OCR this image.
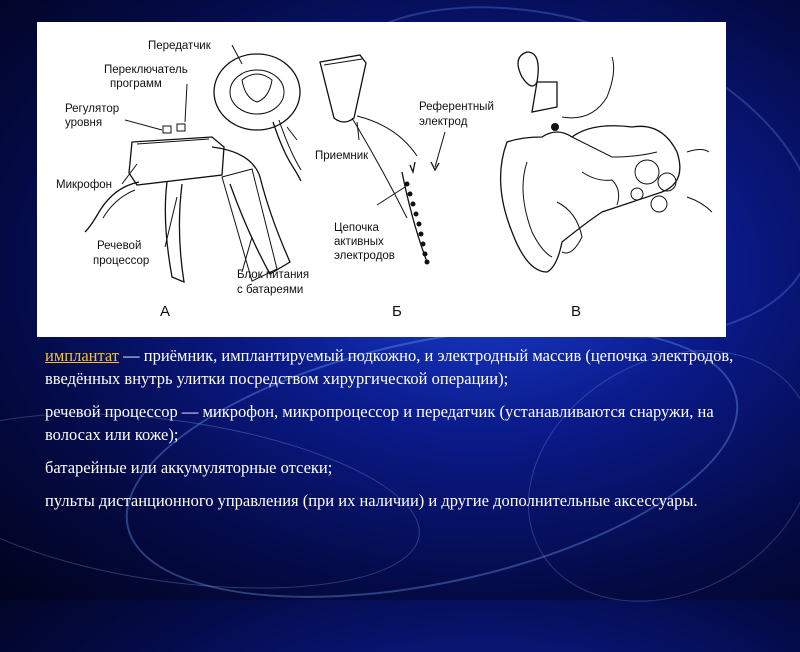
Передатчик
Переключатель
программ
Регулятор
уровня
Микрофон
Речевой
процессор
Блок питания
с батареями
А
Приемник
Референтный
электрод
Цепочка
активных
электродов
Б	В

имплантат — приёмник, имплантируемый подкожно, и электродный массив (цепочка электродов, введённых внутрь улитки посредством хирургической операции);

речевой процессор — микрофон, микропроцессор и передатчик (устанавливаются снаружи, на волосах или коже);

батарейные или аккумуляторные отсеки;

пульты дистанционного управления (при их наличии) и другие дополнительные аксессуары.
